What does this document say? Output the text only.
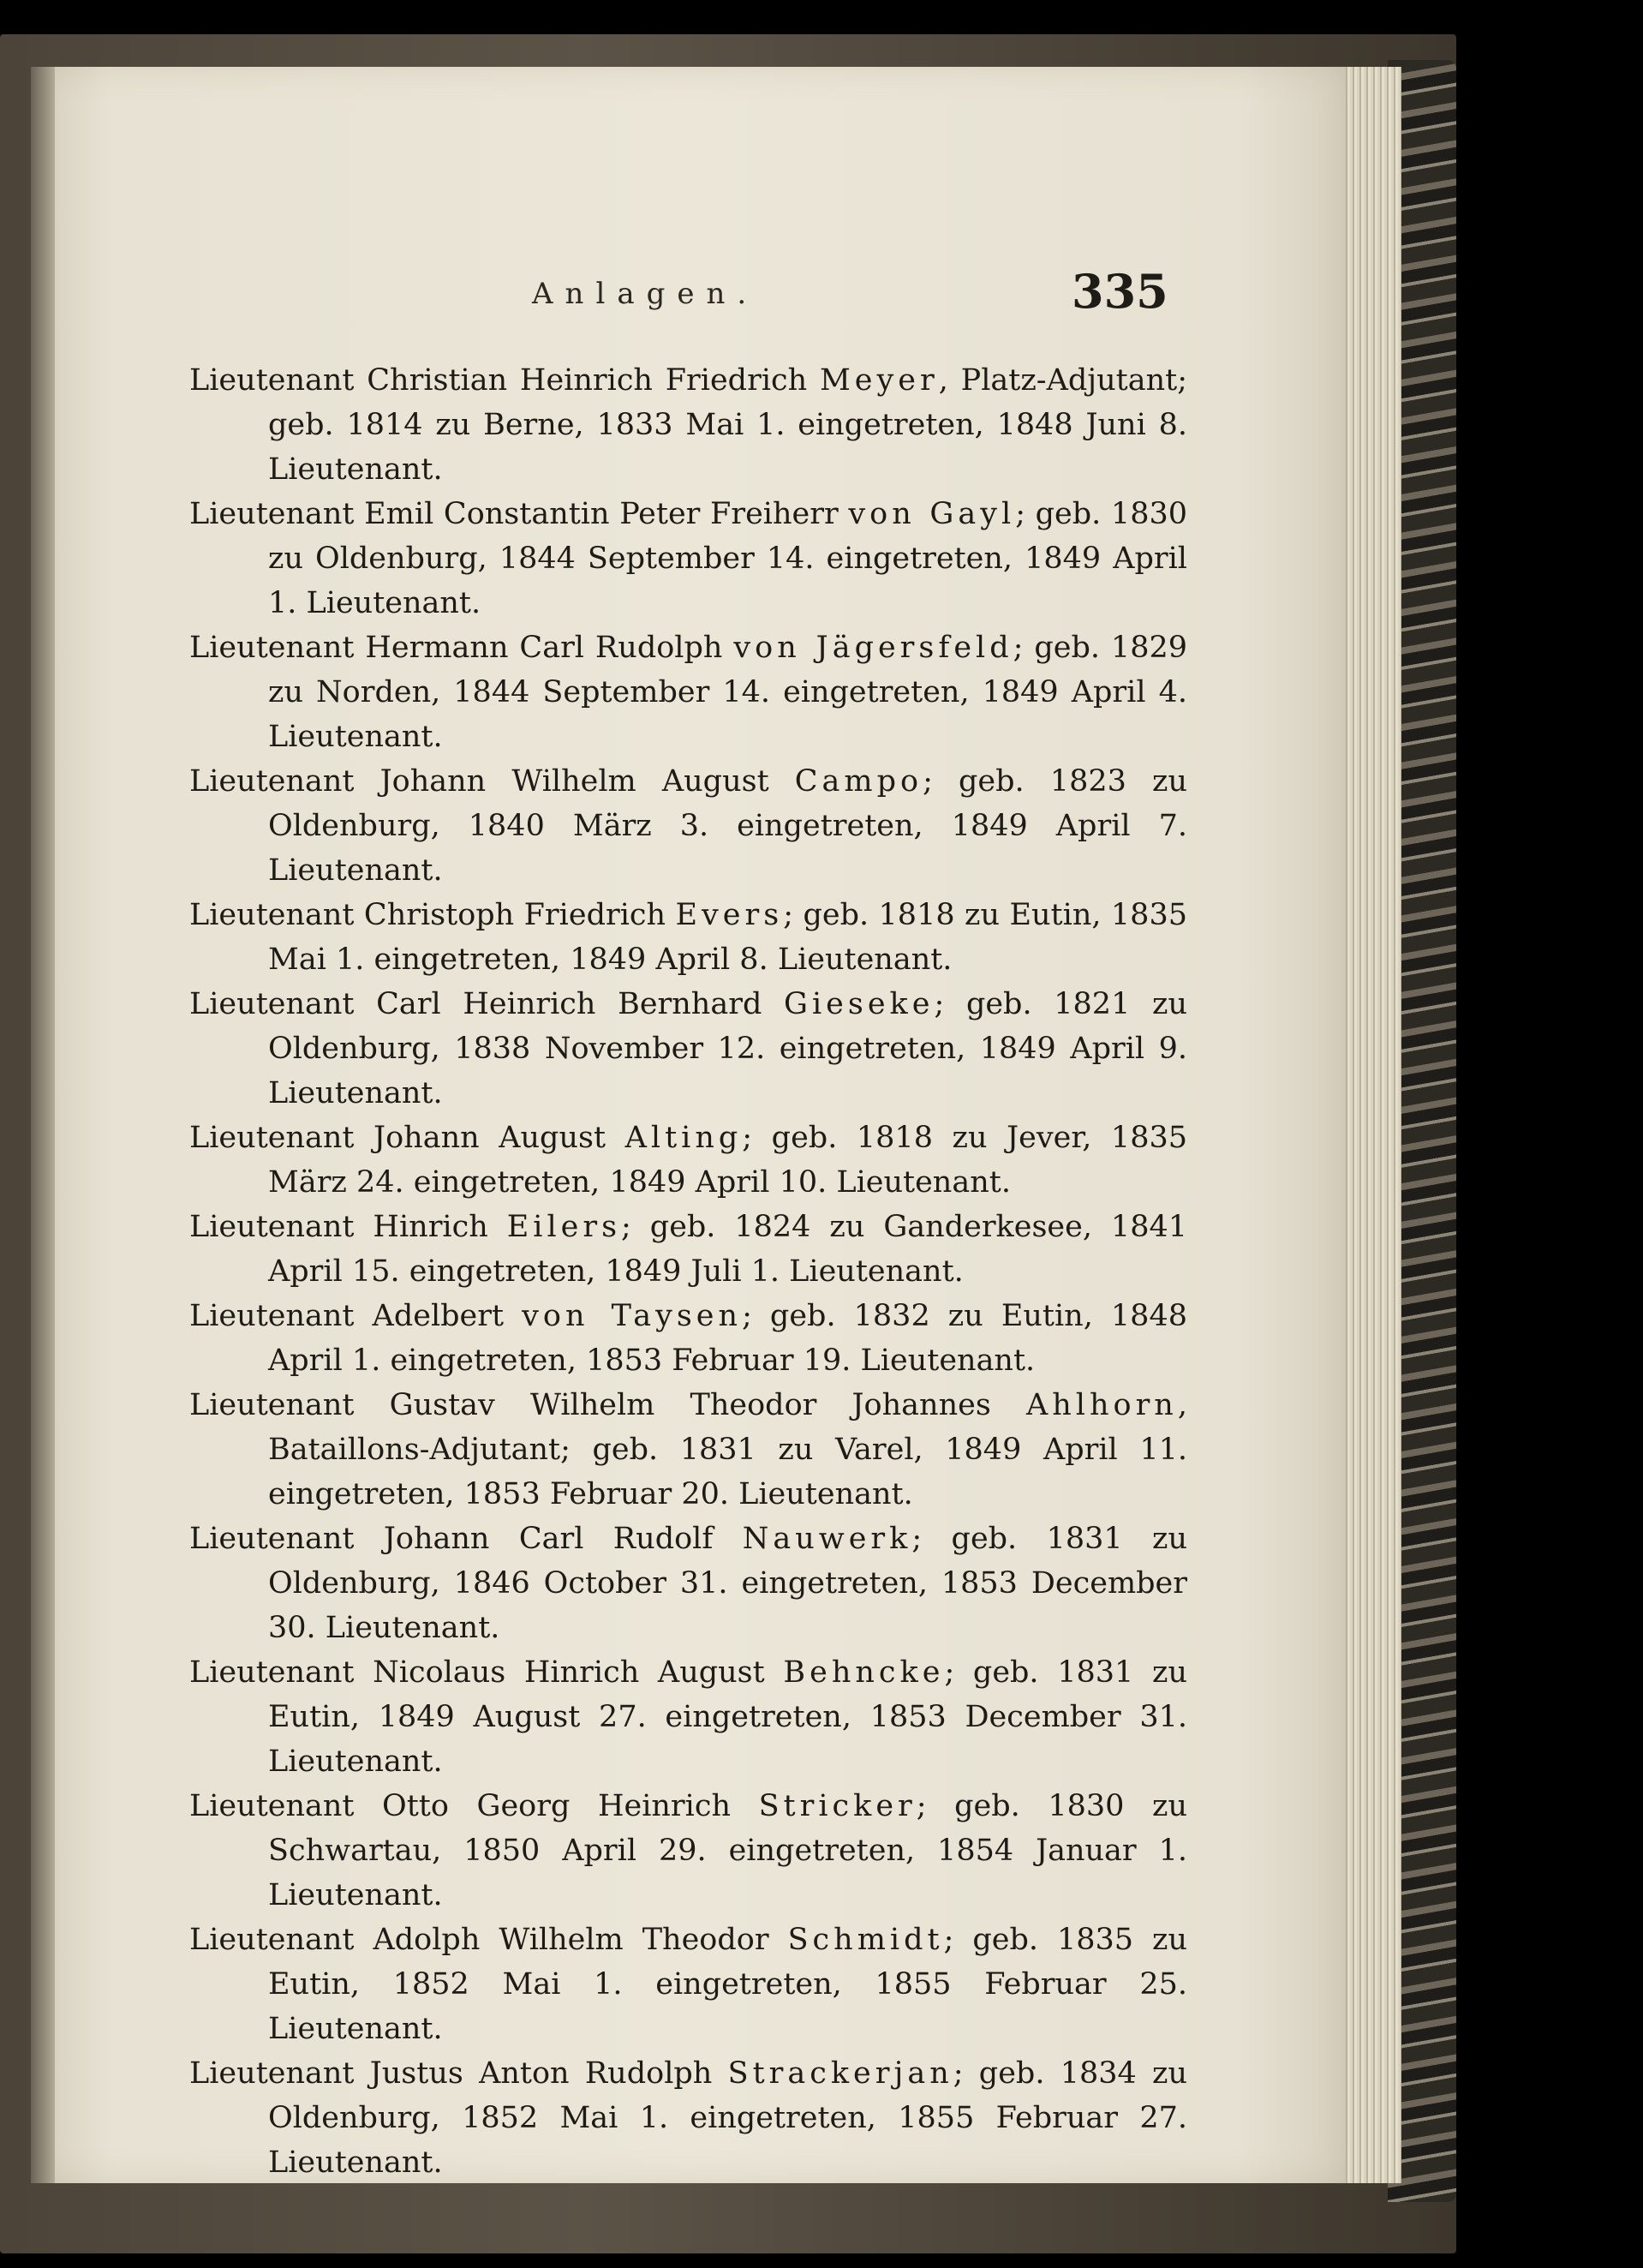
Anlagen.	335

Lieutenant Christian Heinrich Friedrich Meyer, Platz-Adjutant; geb. 1814 zu Berne, 1833 Mai 1. eingetreten, 1848 Juni 8. Lieutenant.

Lieutenant Emil Constantin Peter Freiherr von Gayl; geb. 1830 zu Oldenburg, 1844 September 14. eingetreten, 1849 April 1. Lieutenant.

Lieutenant Hermann Carl Rudolph von Jägersfeld; geb. 1829 zu Norden, 1844 September 14. eingetreten, 1849 April 4. Lieutenant.

Lieutenant Johann Wilhelm August Campo; geb. 1823 zu Oldenburg, 1840 März 3. eingetreten, 1849 April 7. Lieutenant.

Lieutenant Christoph Friedrich Evers; geb. 1818 zu Eutin, 1835 Mai 1. eingetreten, 1849 April 8. Lieutenant.

Lieutenant Carl Heinrich Bernhard Gieseke; geb. 1821 zu Oldenburg, 1838 November 12. eingetreten, 1849 April 9. Lieutenant.

Lieutenant Johann August Alting; geb. 1818 zu Jever, 1835 März 24. eingetreten, 1849 April 10. Lieutenant.

Lieutenant Hinrich Eilers; geb. 1824 zu Ganderkesee, 1841 April 15. eingetreten, 1849 Juli 1. Lieutenant.

Lieutenant Adelbert von Taysen; geb. 1832 zu Eutin, 1848 April 1. eingetreten, 1853 Februar 19. Lieutenant.

Lieutenant Gustav Wilhelm Theodor Johannes Ahlhorn, Bataillons-Adjutant; geb. 1831 zu Varel, 1849 April 11. eingetreten, 1853 Februar 20. Lieutenant.

Lieutenant Johann Carl Rudolf Nauwerk; geb. 1831 zu Oldenburg, 1846 October 31. eingetreten, 1853 December 30. Lieutenant.

Lieutenant Nicolaus Hinrich August Behncke; geb. 1831 zu Eutin, 1849 August 27. eingetreten, 1853 December 31. Lieutenant.

Lieutenant Otto Georg Heinrich Stricker; geb. 1830 zu Schwartau, 1850 April 29. eingetreten, 1854 Januar 1. Lieutenant.

Lieutenant Adolph Wilhelm Theodor Schmidt; geb. 1835 zu Eutin, 1852 Mai 1. eingetreten, 1855 Februar 25. Lieutenant.

Lieutenant Justus Anton Rudolph Strackerjan; geb. 1834 zu Oldenburg, 1852 Mai 1. eingetreten, 1855 Februar 27. Lieutenant.
